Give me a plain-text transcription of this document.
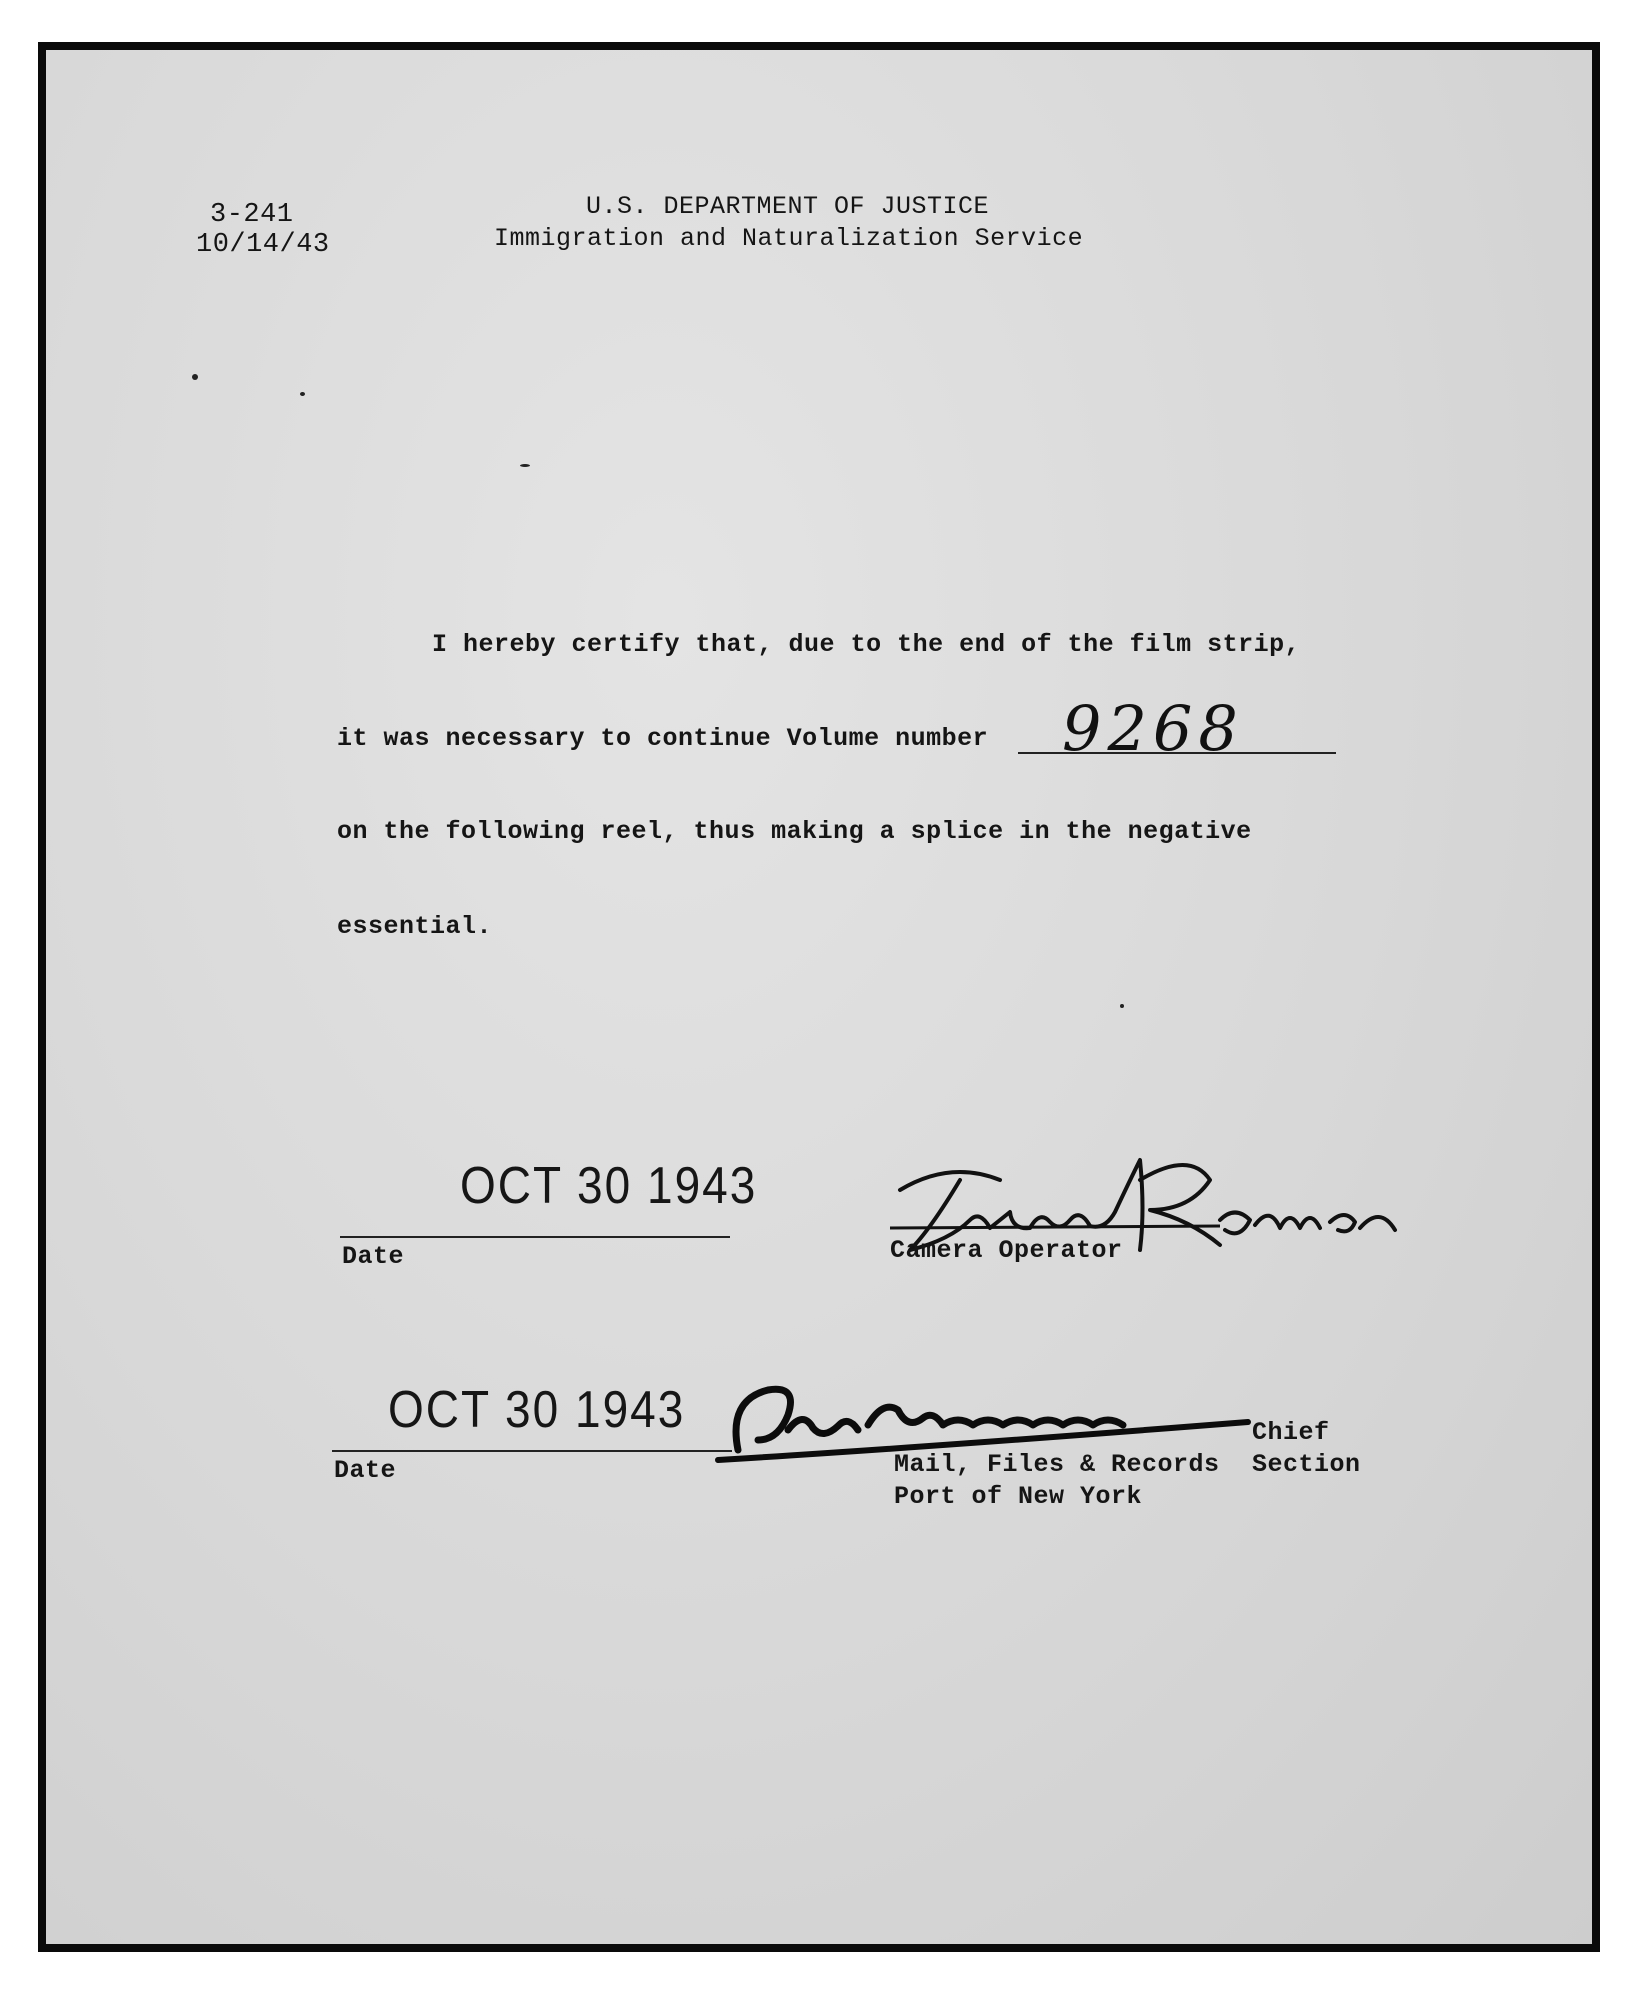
3-241
10/14/43
U.S. DEPARTMENT OF JUSTICE
Immigration and Naturalization Service
I hereby certify that, due to the end of the film strip,
it was necessary to continue Volume number 9268
on the following reel, thus making a splice in the negative
essential.
OCT 30 1943
Date	Camera Operator
OCT 30 1943
Date
Chief
Mail, Files & Records Section
Port of New York
